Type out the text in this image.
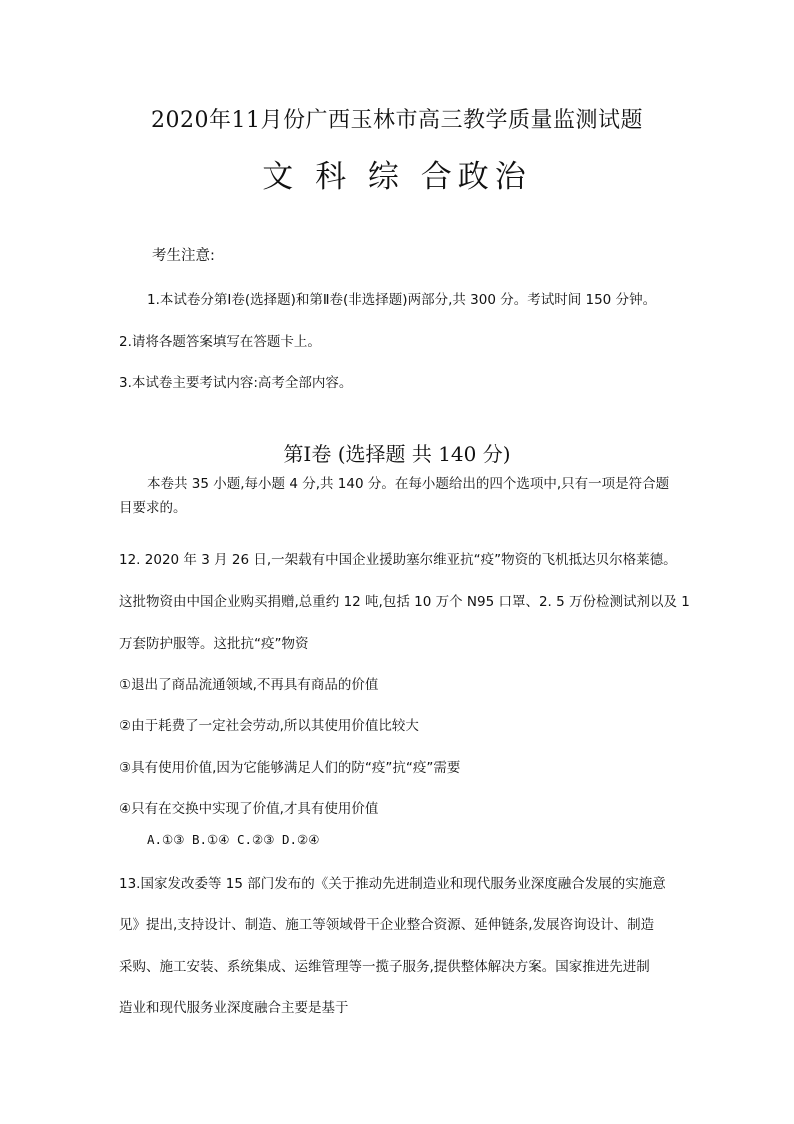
2020年11月份广西玉林市高三教学质量监测试题
文 科 综 合政治
考生注意:
1.本试卷分第Ⅰ卷(选择题)和第Ⅱ卷(非选择题)两部分,共 300 分。考试时间 150 分钟。
2.请将各题答案填写在答题卡上。
3.本试卷主要考试内容:高考全部内容。
第Ⅰ卷 (选择题 共 140 分)
本卷共 35 小题,每小题 4 分,共 140 分。在每小题给出的四个选项中,只有一项是符合题目要求的。
12. 2020 年 3 月 26 日,一架载有中国企业援助塞尔维亚抗“疫”物资的飞机抵达贝尔格莱德。
这批物资由中国企业购买捐赠,总重约 12 吨,包括 10 万个 N95 口罩、2. 5 万份检测试剂以及 1
万套防护服等。这批抗“疫”物资
①退出了商品流通领域,不再具有商品的价值
②由于耗费了一定社会劳动,所以其使用价值比较大
③具有使用价值,因为它能够满足人们的防“疫”抗“疫”需要
④只有在交换中实现了价值,才具有使用价值
A.①③ B.①④ C.②③ D.②④
13.国家发改委等 15 部门发布的《关于推动先进制造业和现代服务业深度融合发展的实施意
见》提出,支持设计、制造、施工等领域骨干企业整合资源、延伸链条,发展咨询设计、制造
采购、施工安装、系统集成、运维管理等一揽子服务,提供整体解决方案。国家推进先进制
造业和现代服务业深度融合主要是基于
